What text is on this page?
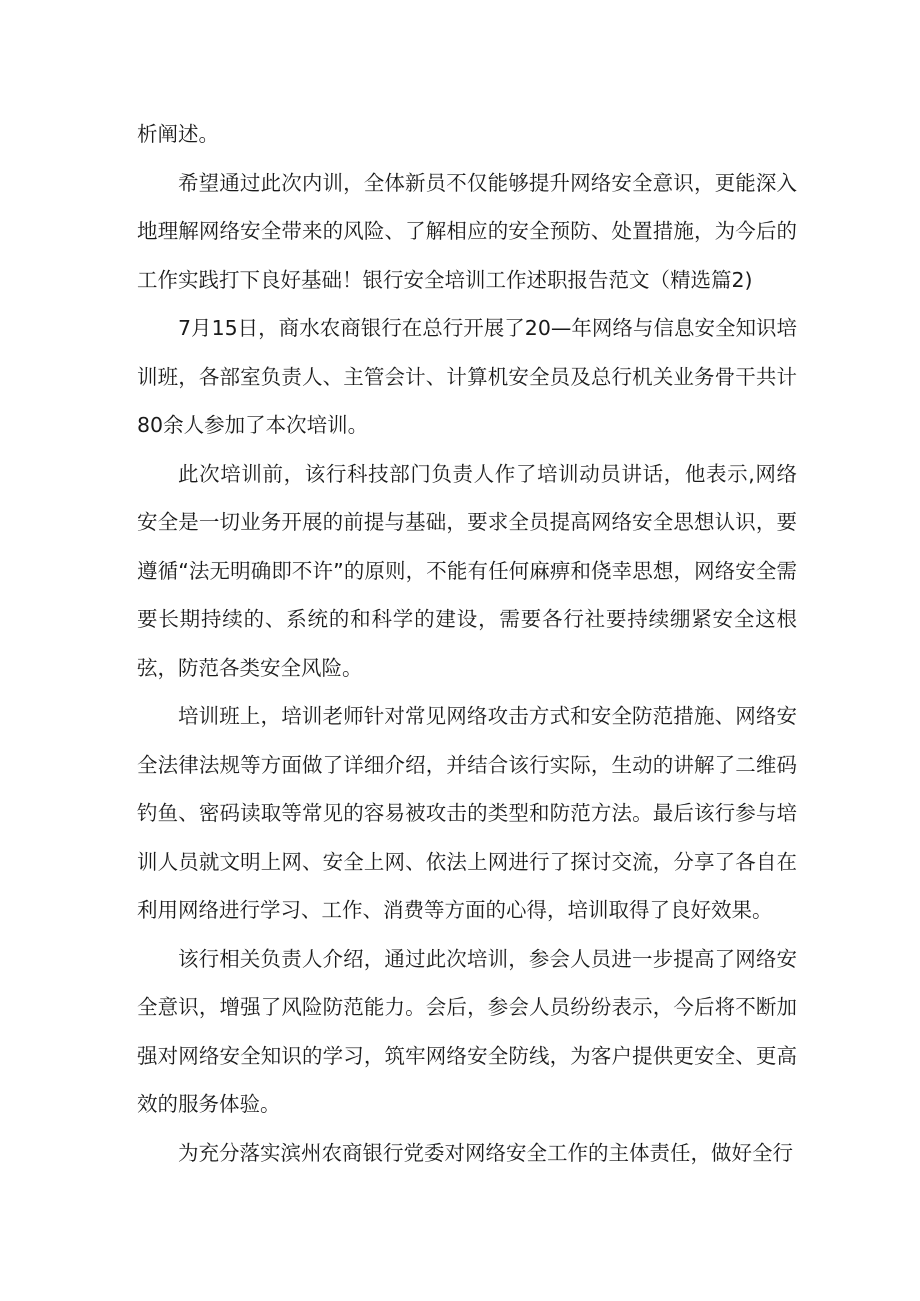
析阐述。

希望通过此次内训，全体新员不仅能够提升网络安全意识，更能深入地理解网络安全带来的风险、了解相应的安全预防、处置措施，为今后的工作实践打下良好基础！银行安全培训工作述职报告范文（精选篇2)

7月15日，商水农商银行在总行开展了20—年网络与信息安全知识培训班，各部室负责人、主管会计、计算机安全员及总行机关业务骨干共计80余人参加了本次培训。

此次培训前，该行科技部门负责人作了培训动员讲话，他表示,网络安全是一切业务开展的前提与基础，要求全员提高网络安全思想认识，要遵循“法无明确即不许”的原则，不能有任何麻痹和侥幸思想，网络安全需要长期持续的、系统的和科学的建设，需要各行社要持续绷紧安全这根弦，防范各类安全风险。

培训班上，培训老师针对常见网络攻击方式和安全防范措施、网络安全法律法规等方面做了详细介绍，并结合该行实际，生动的讲解了二维码钓鱼、密码读取等常见的容易被攻击的类型和防范方法。最后该行参与培训人员就文明上网、安全上网、依法上网进行了探讨交流，分享了各自在利用网络进行学习、工作、消费等方面的心得，培训取得了良好效果。

该行相关负责人介绍，通过此次培训，参会人员进一步提高了网络安全意识，增强了风险防范能力。会后，参会人员纷纷表示，今后将不断加强对网络安全知识的学习，筑牢网络安全防线，为客户提供更安全、更高效的服务体验。

为充分落实滨州农商银行党委对网络安全工作的主体责任，做好全行
